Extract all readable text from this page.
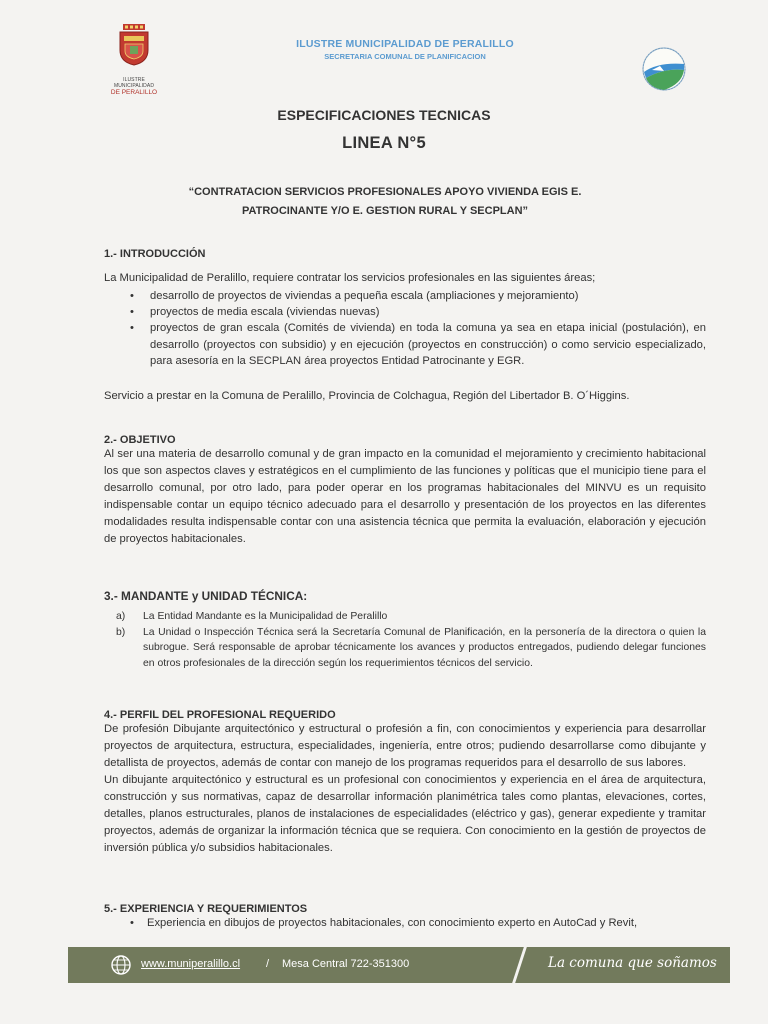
ILUSTRE MUNICIPALIDAD
DE PERALILLO
ILUSTRE MUNICIPALIDAD DE PERALILLO
SECRETARIA COMUNAL DE PLANIFICACION
ESPECIFICACIONES TECNICAS
LINEA N°5
“CONTRATACION SERVICIOS PROFESIONALES APOYO VIVIENDA EGIS E. PATROCINANTE Y/O E. GESTION RURAL Y SECPLAN”
1.- INTRODUCCIÓN
La Municipalidad de Peralillo, requiere contratar los servicios profesionales en las siguientes áreas;
• desarrollo de proyectos de viviendas a pequeña escala (ampliaciones y mejoramiento)
• proyectos de media escala (viviendas nuevas)
• proyectos de gran escala (Comités de vivienda) en toda la comuna ya sea en etapa inicial (postulación), en desarrollo (proyectos con subsidio) y en ejecución (proyectos en construcción) o como servicio especializado, para asesoría en la SECPLAN área proyectos Entidad Patrocinante y EGR.
Servicio a prestar en la Comuna de Peralillo, Provincia de Colchagua, Región del Libertador B. O´Higgins.
2.- OBJETIVO
Al ser una materia de desarrollo comunal y de gran impacto en la comunidad el mejoramiento y crecimiento habitacional los que son aspectos claves y estratégicos en el cumplimiento de las funciones y políticas que el municipio tiene para el desarrollo comunal, por otro lado, para poder operar en los programas habitacionales del MINVU es un requisito indispensable contar un equipo técnico adecuado para el desarrollo y presentación de los proyectos en las diferentes modalidades resulta indispensable contar con una asistencia técnica que permita la evaluación, elaboración y ejecución de proyectos habitacionales.
3.- MANDANTE y UNIDAD TÉCNICA:
a) La Entidad Mandante es la Municipalidad de Peralillo
b) La Unidad o Inspección Técnica será la Secretaría Comunal de Planificación, en la personería de la directora o quien la subrogue. Será responsable de aprobar técnicamente los avances y productos entregados, pudiendo delegar funciones en otros profesionales de la dirección según los requerimientos técnicos del servicio.
4.- PERFIL DEL PROFESIONAL REQUERIDO
De profesión Dibujante arquitectónico y estructural o profesión a fin, con conocimientos y experiencia para desarrollar proyectos de arquitectura, estructura, especialidades, ingeniería, entre otros; pudiendo desarrollarse como dibujante y detallista de proyectos, además de contar con manejo de los programas requeridos para el desarrollo de sus labores.
Un dibujante arquitectónico y estructural es un profesional con conocimientos y experiencia en el área de arquitectura, construcción y sus normativas, capaz de desarrollar información planimétrica tales como plantas, elevaciones, cortes, detalles, planos estructurales, planos de instalaciones de especialidades (eléctrico y gas), generar expediente y tramitar proyectos, además de organizar la información técnica que se requiera. Con conocimiento en la gestión de proyectos de inversión pública y/o subsidios habitacionales.
5.- EXPERIENCIA Y REQUERIMIENTOS
• Experiencia en dibujos de proyectos habitacionales, con conocimiento experto en AutoCad y Revit,
www.muniperalillo.cl / Mesa Central 722-351300	La comuna que soñamos
